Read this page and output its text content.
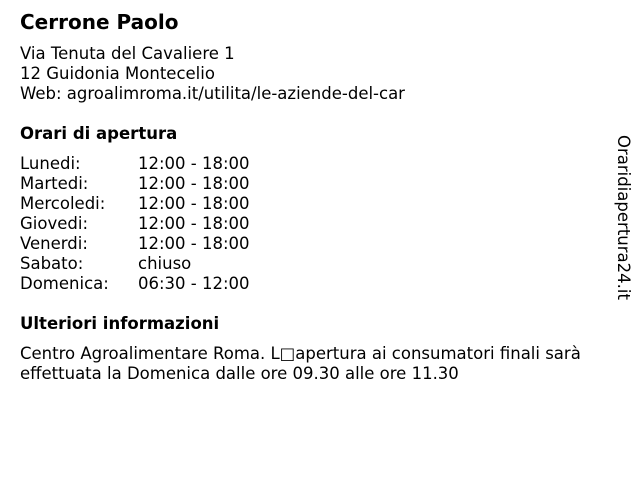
Cerrone Paolo
Via Tenuta del Cavaliere 1
12 Guidonia Montecelio
Web: agroalimroma.it/utilita/le-aziende-del-car
Orari di apertura
Lunedi:	12:00 - 18:00
Martedi:	12:00 - 18:00
Mercoledi: 12:00 - 18:00
Giovedi:	12:00 - 18:00
Venerdi:	12:00 - 18:00
Sabato:	chiuso
Domenica: 06:30 - 12:00
Ulteriori informazioni
Centro Agroalimentare Roma. L□apertura ai consumatori finali sarà
effettuata la Domenica dalle ore 09.30 alle ore 11.30
Oraridiapertura24.it
